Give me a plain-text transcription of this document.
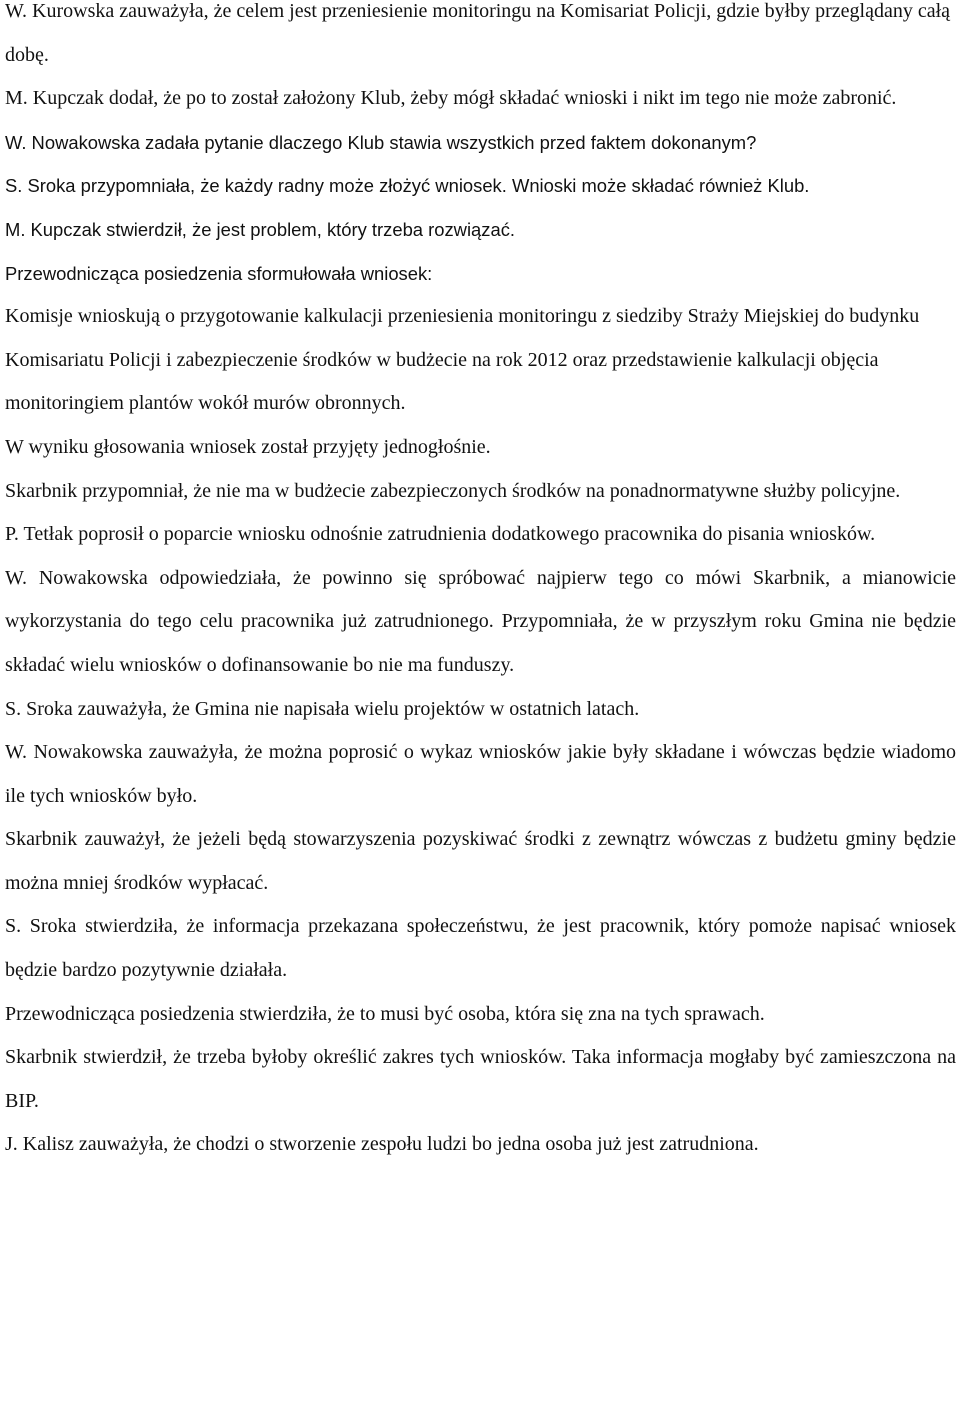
W. Kurowska zauważyła, że celem jest przeniesienie monitoringu na Komisariat Policji, gdzie byłby przeglądany całą dobę.

M. Kupczak dodał, że po to został założony Klub, żeby mógł składać wnioski i nikt im tego nie może zabronić.

W. Nowakowska zadała pytanie dlaczego Klub stawia wszystkich przed faktem dokonanym?

S. Sroka przypomniała, że każdy radny może złożyć wniosek. Wnioski może składać również Klub.

M. Kupczak stwierdził, że jest problem, który trzeba rozwiązać.

Przewodnicząca posiedzenia sformułowała wniosek:

Komisje wnioskują o przygotowanie kalkulacji przeniesienia monitoringu z siedziby Straży Miejskiej do budynku Komisariatu Policji i zabezpieczenie środków w budżecie na rok 2012 oraz przedstawienie kalkulacji objęcia monitoringiem plantów wokół murów obronnych.

W wyniku głosowania wniosek został przyjęty jednogłośnie.

Skarbnik przypomniał, że nie ma w budżecie zabezpieczonych środków na ponadnormatywne służby policyjne.

P. Tetłak poprosił o poparcie wniosku odnośnie zatrudnienia dodatkowego pracownika do pisania wniosków.

W. Nowakowska odpowiedziała, że powinno się spróbować najpierw tego co mówi Skarbnik, a mianowicie wykorzystania do tego celu pracownika już zatrudnionego. Przypomniała, że w przyszłym roku Gmina nie będzie składać wielu wniosków o dofinansowanie bo nie ma funduszy.

S. Sroka zauważyła, że Gmina nie napisała wielu projektów w ostatnich latach.

W. Nowakowska zauważyła, że można poprosić o wykaz wniosków jakie były składane i wówczas będzie wiadomo ile tych wniosków było.

Skarbnik zauważył, że jeżeli będą stowarzyszenia pozyskiwać środki z zewnątrz wówczas z budżetu gminy będzie można mniej środków wypłacać.

S. Sroka stwierdziła, że informacja przekazana społeczeństwu, że jest pracownik, który pomoże napisać wniosek będzie bardzo pozytywnie działała.

Przewodnicząca posiedzenia stwierdziła, że to musi być osoba, która się zna na tych sprawach.

Skarbnik stwierdził, że trzeba byłoby określić zakres tych wniosków. Taka informacja mogłaby być zamieszczona na BIP.

J. Kalisz zauważyła, że chodzi o stworzenie zespołu ludzi bo jedna osoba już jest zatrudniona.
